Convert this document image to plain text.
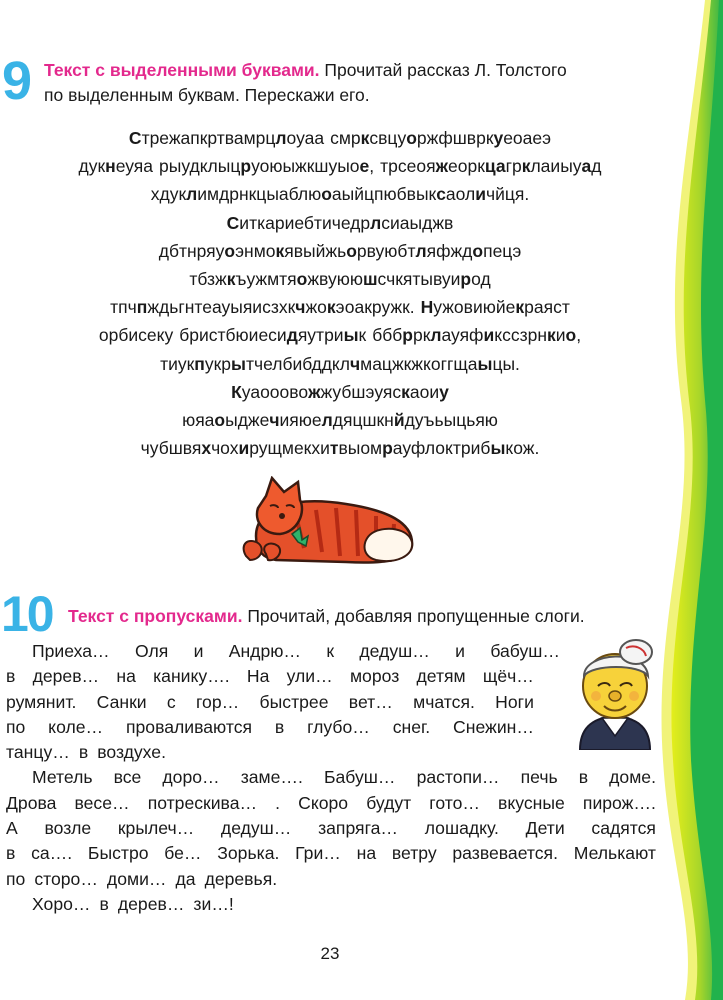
9 Текст с выделенными буквами. Прочитай рассказ Л. Толстого
по выделенным буквам. Перескажи его.
Стрежапкртвамрцлоуаа смрксвцуоржфшвркуеоаеэ
дукнеуяа рыудклыцруоюыжкшуыое, трсеояжеоркцагрклаиыуад
хдуклимдрнкцыаблюоаыйцпюбвыксаоличйця.
Ситкариебтичедрлсиаыджв
дбтнряуоэнмокявыйжьорвуюбтляфждопецэ
тбзжкъужмтяожвуююшсчкятывуирод
тпчпждьгнтеауыяисзхкчжокэоакружк. Нужовиюйекраяст
орбисеку бристбюиесидяутриык бббррклауяфикссзрнкио,
тиукпукрытчелбибддклчмацжкжкоггщаыцы.
Куаооовожжубшэуяскаоиу
юяаоыджечияюелдяцшкнйдуъьыцьяю
чубшвяхчохирущмекхитвыомрауфлоктрибыкож.
10 Текст с пропусками. Прочитай, добавляя пропущенные слоги.
Приеха… Оля и Андрю… к дедуш… и бабуш…
в дерев… на канику…. На ули… мороз детям щёч…
румянит. Санки с гор… быстрее вет… мчатся. Ноги
по коле… проваливаются в глубо… снег. Снежин…
танцу… в воздухе.
Метель все доро… заме…. Бабуш… растопи… печь в доме.
Дрова весе… потрескива… . Скоро будут гото… вкусные пирож….
А возле крылеч… дедуш… запряга… лошадку. Дети садятся
в са…. Быстро бе… Зорька. Гри… на ветру развевается. Мелькают
по сторо… доми… да деревья.
Хоро… в дерев… зи…!
23
